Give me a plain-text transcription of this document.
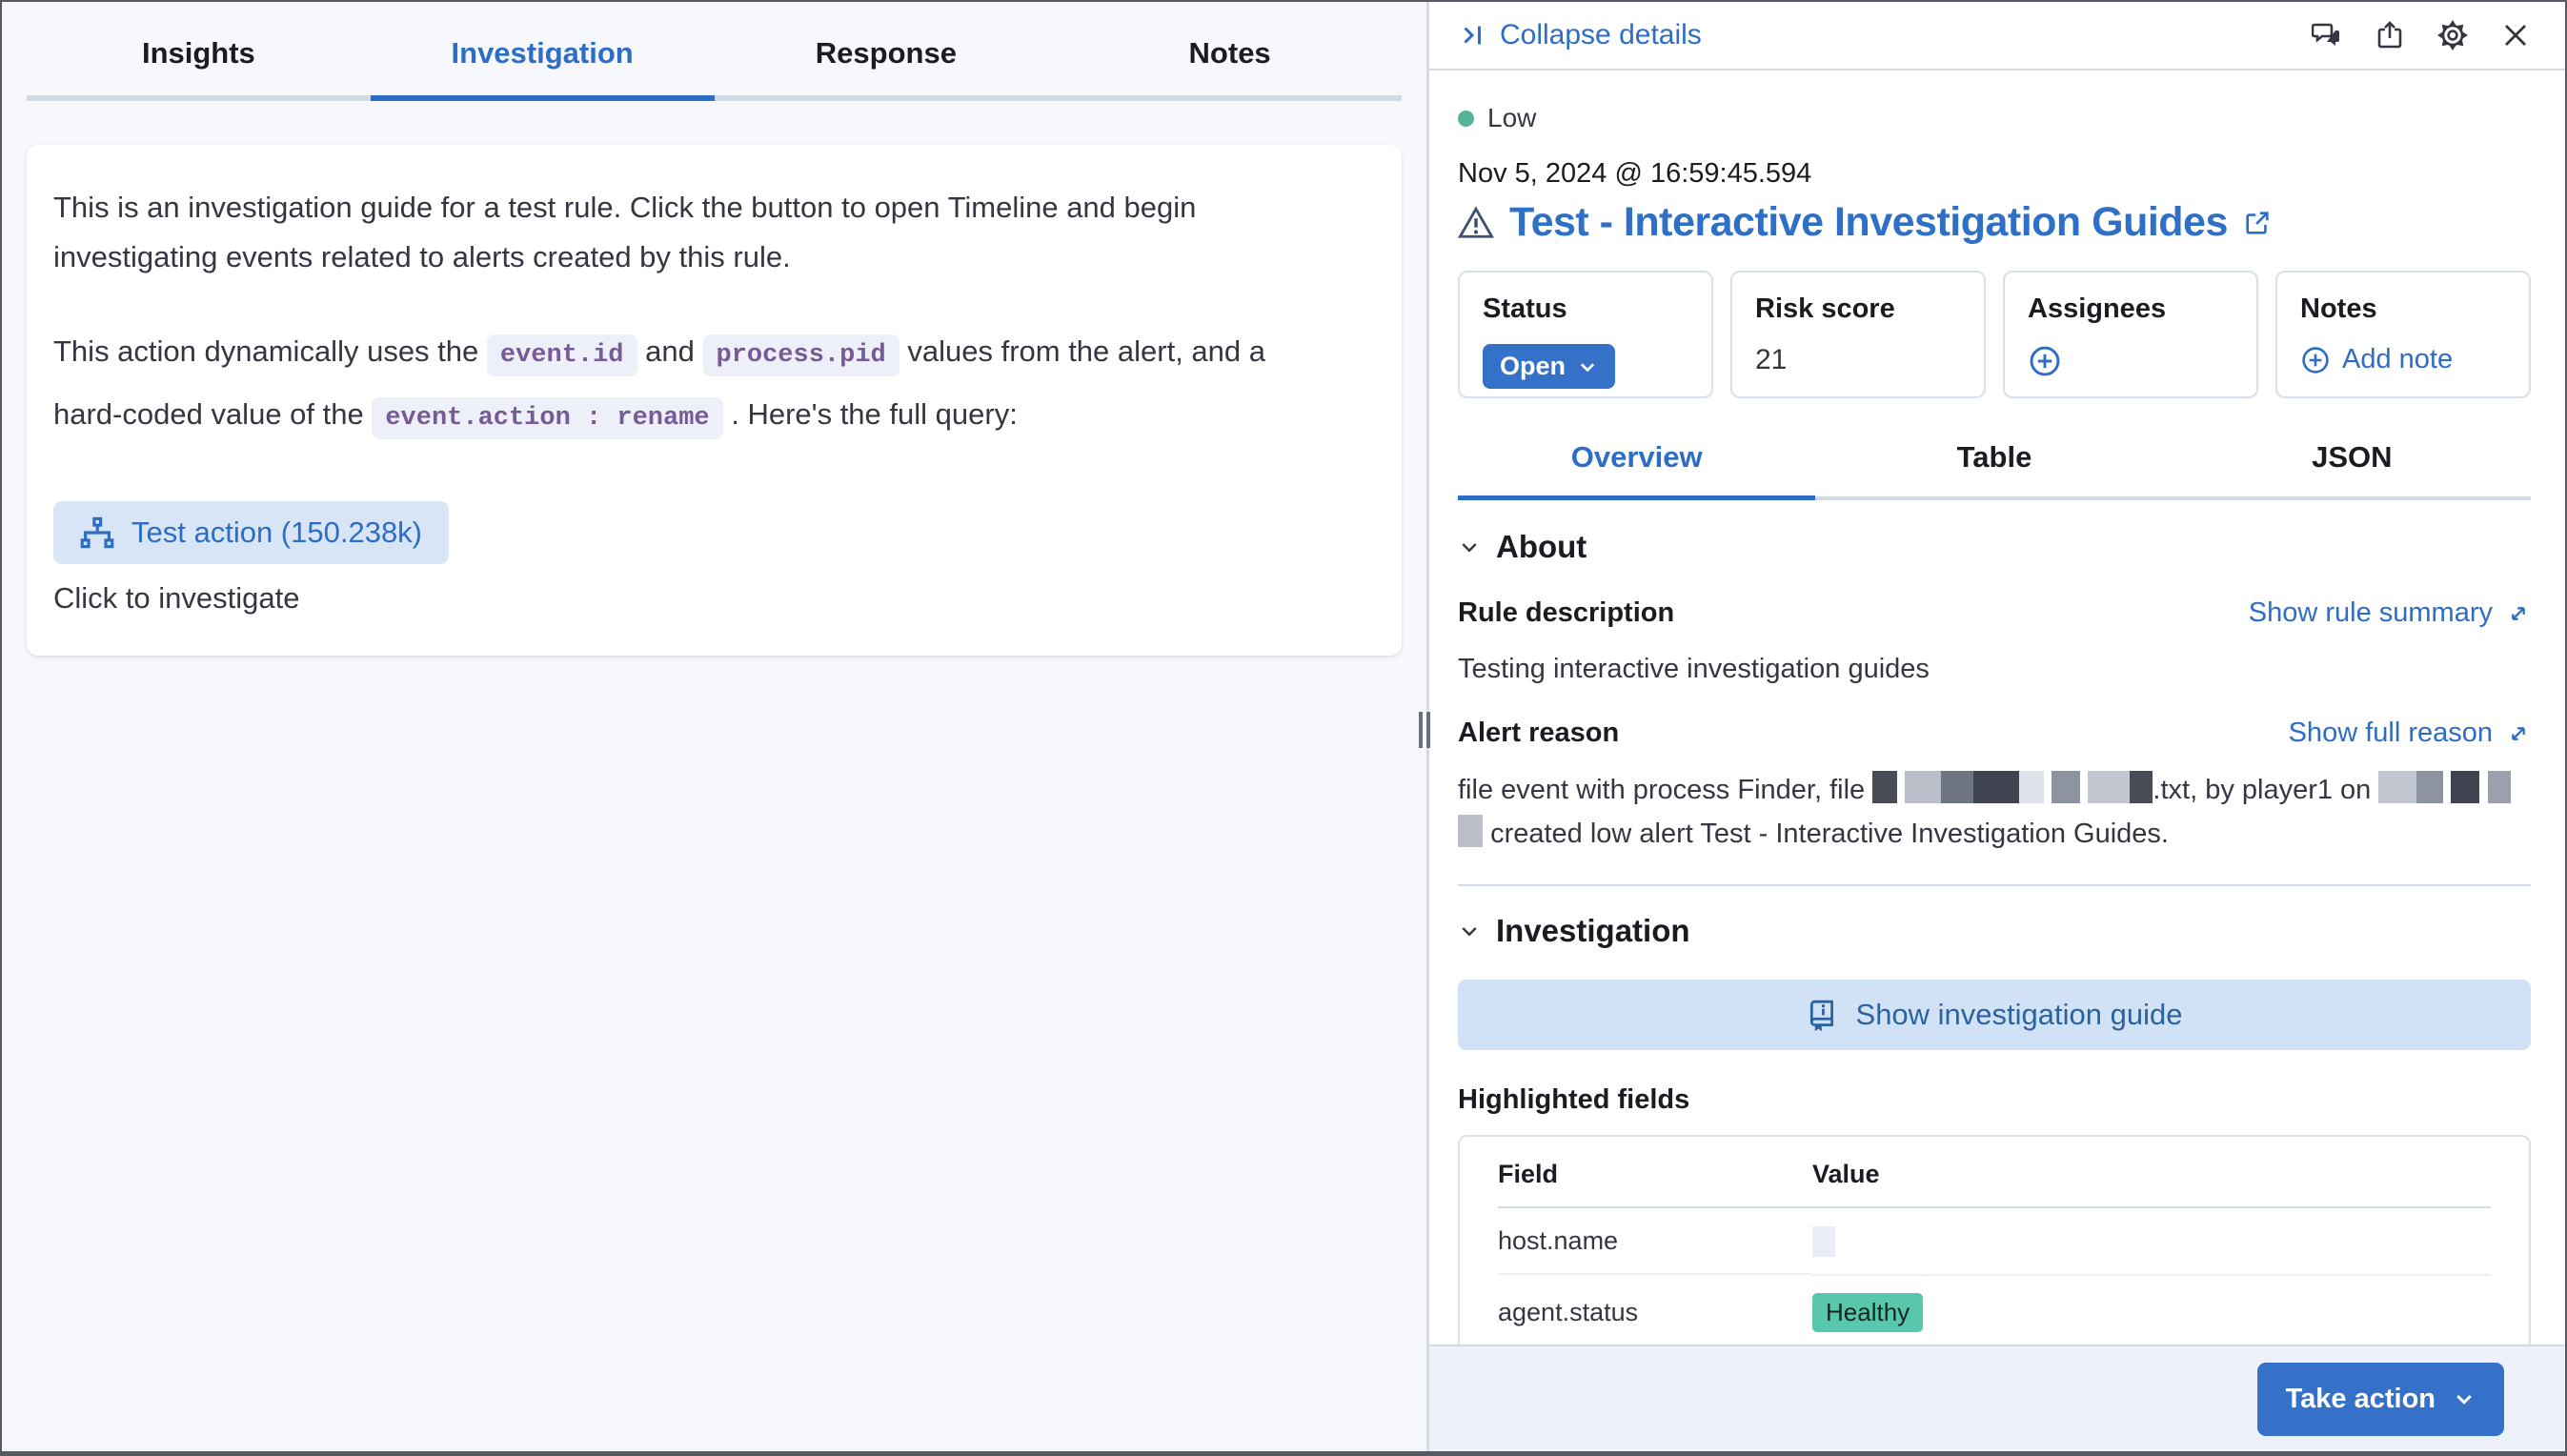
Insights	Investigation	Response	Notes

This is an investigation guide for a test rule. Click the button to open Timeline and begin investigating events related to alerts created by this rule.

This action dynamically uses the event.id and process.pid values from the alert, and a hard-coded value of the event.action : rename . Here's the full query:

Test action (150.238k)
Click to investigate
Collapse details
Low
Nov 5, 2024 @ 16:59:45.594
Test - Interactive Investigation Guides
Status
Open
Risk score
21
Assignees	Notes
Add note
Overview	Table	JSON
About
Rule description	Show rule summary
Testing interactive investigation guides
Alert reason	Show full reason

file event with process Finder, file	.txt, by player1 on    created low alert Test - Interactive Investigation Guides.

Investigation
Show investigation guide
Highlighted fields
Field	Value
host.name
agent.status	Healthy
Take action
